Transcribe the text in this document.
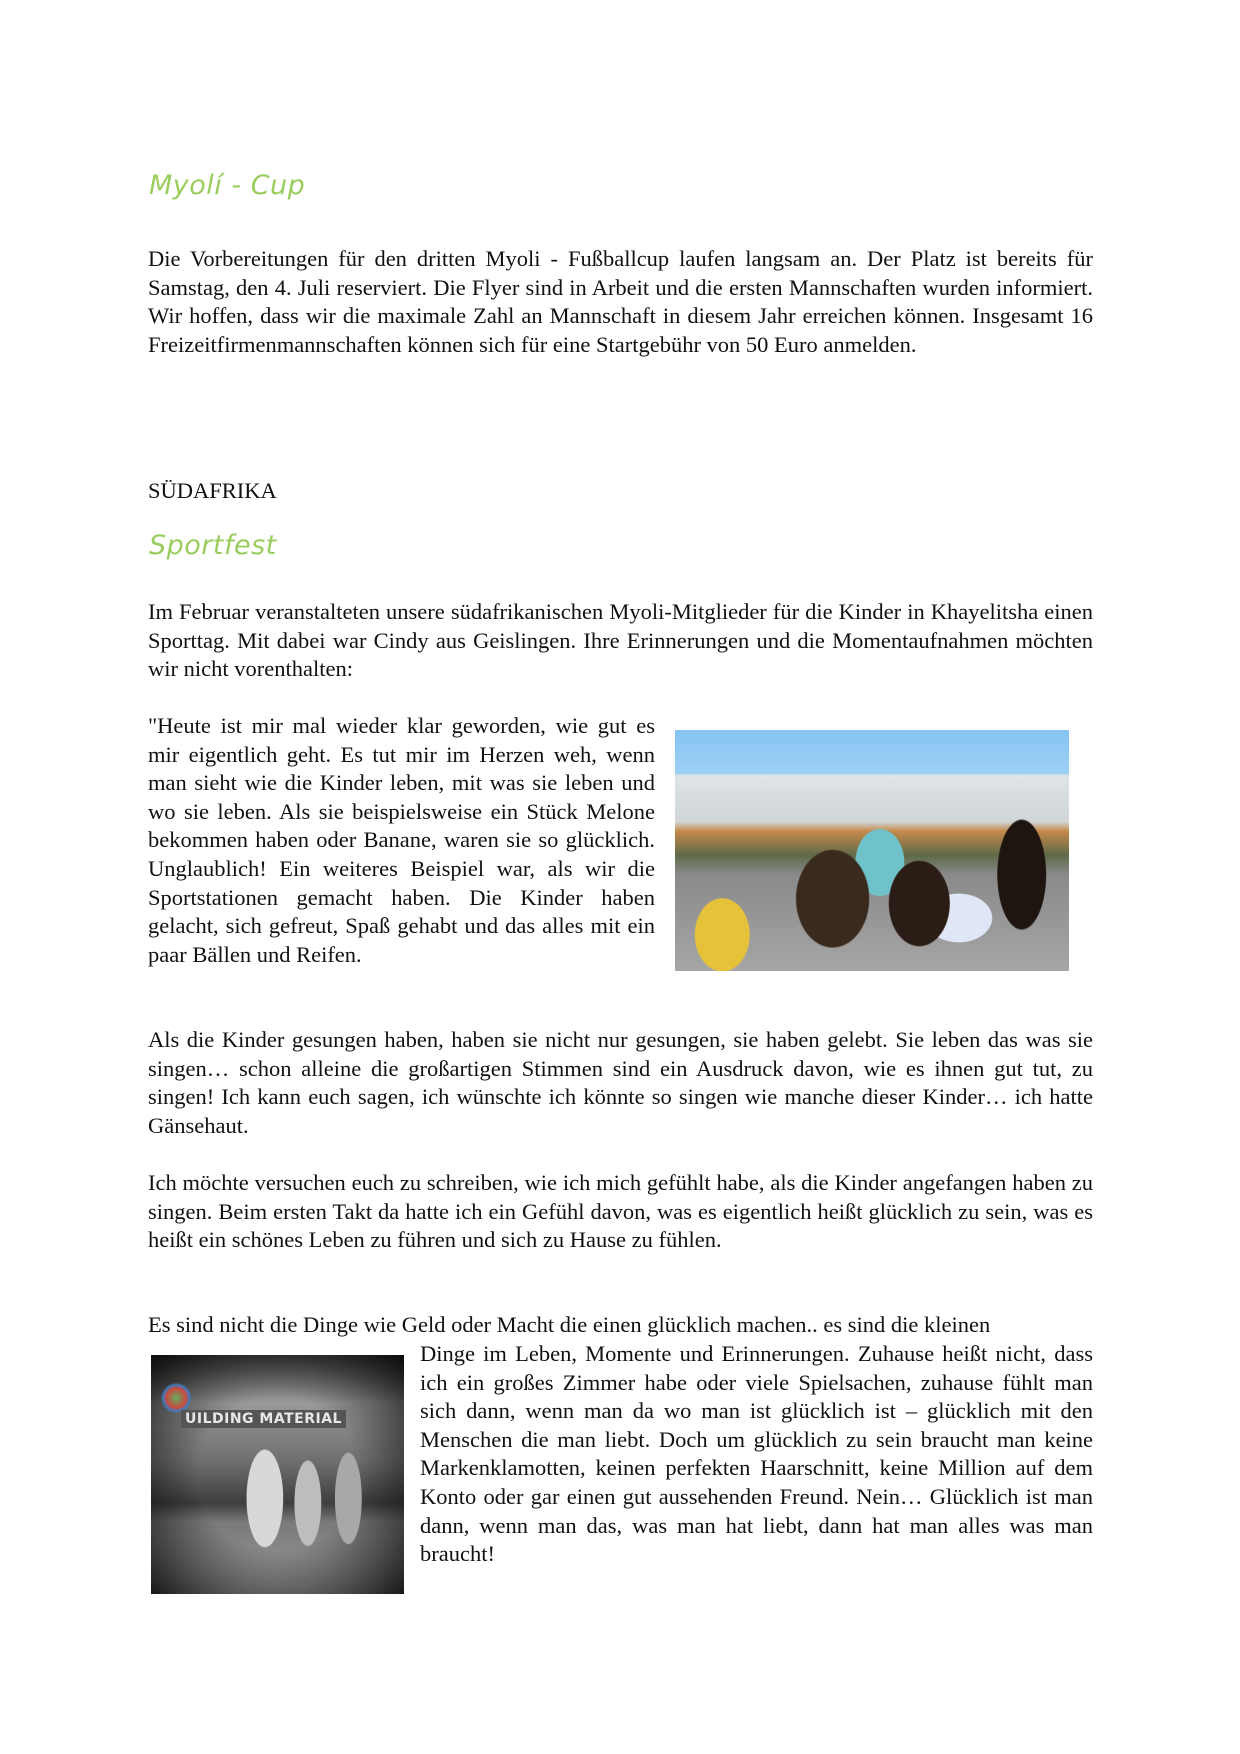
Myolí - Cup

Die Vorbereitungen für den dritten Myoli - Fußballcup laufen langsam an. Der Platz ist bereits für Samstag, den 4. Juli reserviert. Die Flyer sind in Arbeit und die ersten Mannschaften wurden informiert. Wir hoffen, dass wir die maximale Zahl an Mannschaft in diesem Jahr erreichen können. Insgesamt 16 Freizeitfirmenmannschaften können sich für eine Startgebühr von 50 Euro anmelden.

SÜDAFRIKA
Sportfest

Im Februar veranstalteten unsere südafrikanischen Myoli-Mitglieder für die Kinder in Khayelitsha einen Sporttag. Mit dabei war Cindy aus Geislingen. Ihre Erinnerungen und die Momentaufnahmen möchten wir nicht vorenthalten:

"Heute ist mir mal wieder klar geworden, wie gut es mir eigentlich geht. Es tut mir im Herzen weh, wenn man sieht wie die Kinder leben, mit was sie leben und wo sie leben. Als sie beispielsweise ein Stück Melone bekommen haben oder Banane, waren sie so glücklich. Unglaublich! Ein weiteres Beispiel war, als wir die Sportstationen gemacht haben. Die Kinder haben gelacht, sich gefreut, Spaß gehabt und das alles mit ein paar Bällen und Reifen.

Als die Kinder gesungen haben, haben sie nicht nur gesungen, sie haben gelebt. Sie leben das was sie singen… schon alleine die großartigen Stimmen sind ein Ausdruck davon, wie es ihnen gut tut, zu singen! Ich kann euch sagen, ich wünschte ich könnte so singen wie manche dieser Kinder… ich hatte Gänsehaut.

Ich möchte versuchen euch zu schreiben, wie ich mich gefühlt habe, als die Kinder angefangen haben zu singen. Beim ersten Takt da hatte ich ein Gefühl davon, was es eigentlich heißt glücklich zu sein, was es heißt ein schönes Leben zu führen und sich zu Hause zu fühlen.

Es sind nicht die Dinge wie Geld oder Macht die einen glücklich machen.. es sind die kleinen

UILDING MATERIAL

Dinge im Leben, Momente und Erinnerungen. Zuhause heißt nicht, dass ich ein großes Zimmer habe oder viele Spielsachen, zuhause fühlt man sich dann, wenn man da wo man ist glücklich ist – glücklich mit den Menschen die man liebt. Doch um glücklich zu sein braucht man keine Markenklamotten, keinen perfekten Haarschnitt, keine Million auf dem Konto oder gar einen gut aussehenden Freund. Nein… Glücklich ist man dann, wenn man das, was man hat liebt, dann hat man alles was man braucht!
